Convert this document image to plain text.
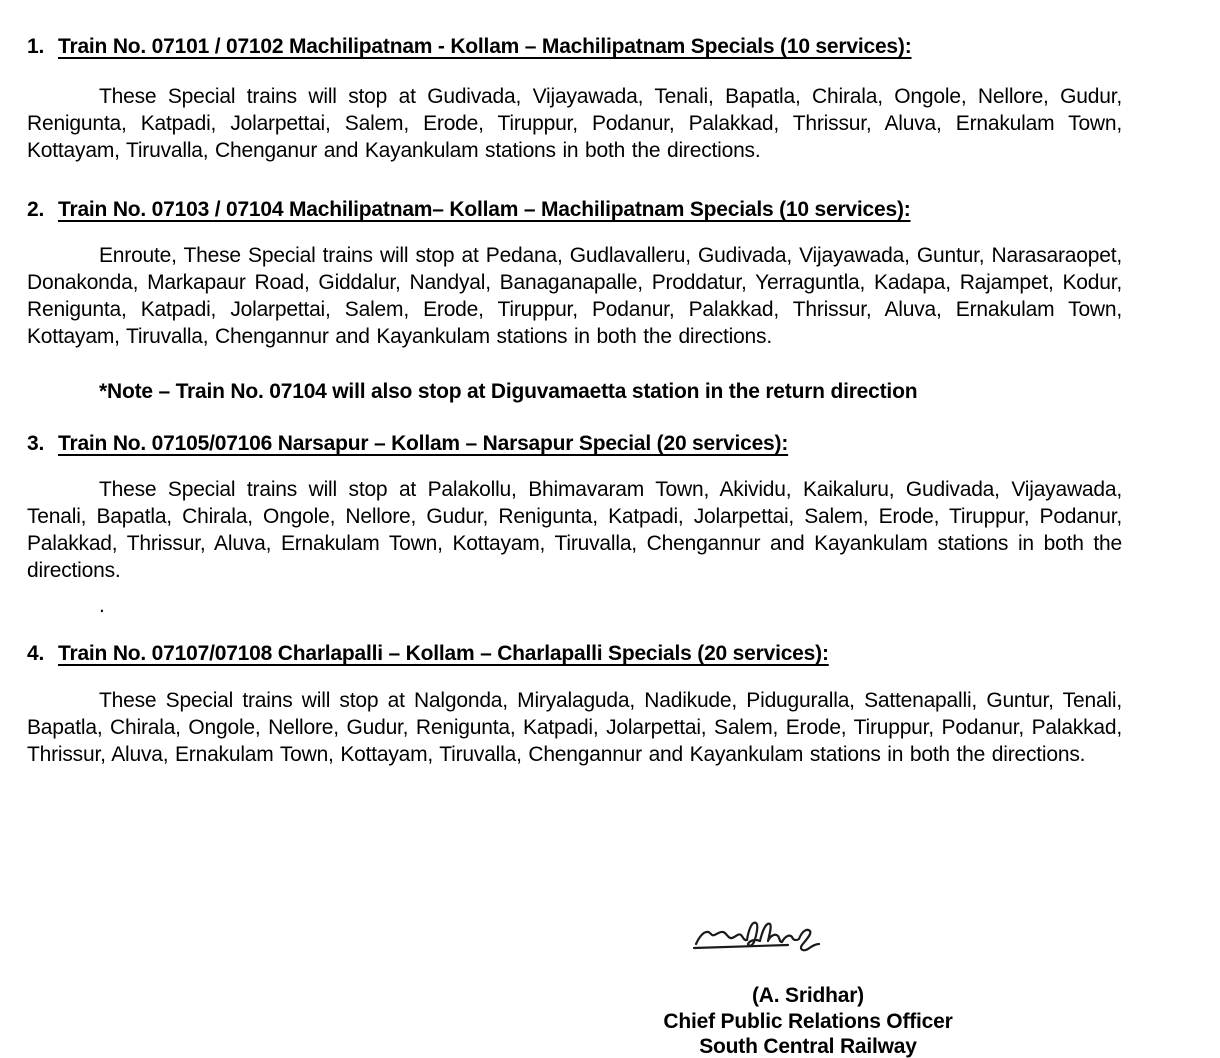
1. Train No. 07101 / 07102 Machilipatnam - Kollam – Machilipatnam Specials (10 services):

These Special trains will stop at Gudivada, Vijayawada, Tenali, Bapatla, Chirala, Ongole, Nellore, Gudur, Renigunta, Katpadi, Jolarpettai, Salem, Erode, Tiruppur, Podanur, Palakkad, Thrissur, Aluva, Ernakulam Town, Kottayam, Tiruvalla, Chenganur and Kayankulam stations in both the directions.

2. Train No. 07103 / 07104 Machilipatnam– Kollam – Machilipatnam Specials (10 services):

Enroute, These Special trains will stop at Pedana, Gudlavalleru, Gudivada, Vijayawada, Guntur, Narasaraopet, Donakonda, Markapaur Road, Giddalur, Nandyal, Banaganapalle, Proddatur, Yerraguntla, Kadapa, Rajampet, Kodur, Renigunta, Katpadi, Jolarpettai, Salem, Erode, Tiruppur, Podanur, Palakkad, Thrissur, Aluva, Ernakulam Town, Kottayam, Tiruvalla, Chengannur and Kayankulam stations in both the directions.

*Note – Train No. 07104 will also stop at Diguvamaetta station in the return direction
3. Train No. 07105/07106 Narsapur – Kollam – Narsapur Special (20 services):

These Special trains will stop at Palakollu, Bhimavaram Town, Akividu, Kaikaluru, Gudivada, Vijayawada, Tenali, Bapatla, Chirala, Ongole, Nellore, Gudur, Renigunta, Katpadi, Jolarpettai, Salem, Erode, Tiruppur, Podanur, Palakkad, Thrissur, Aluva, Ernakulam Town, Kottayam, Tiruvalla, Chengannur and Kayankulam stations in both the directions.

.
4. Train No. 07107/07108 Charlapalli – Kollam – Charlapalli Specials (20 services):

These Special trains will stop at Nalgonda, Miryalaguda, Nadikude, Piduguralla, Sattenapalli, Guntur, Tenali, Bapatla, Chirala, Ongole, Nellore, Gudur, Renigunta, Katpadi, Jolarpettai, Salem, Erode, Tiruppur, Podanur, Palakkad, Thrissur, Aluva, Ernakulam Town, Kottayam, Tiruvalla, Chengannur and Kayankulam stations in both the directions.

(A. Sridhar)
Chief Public Relations Officer
South Central Railway
